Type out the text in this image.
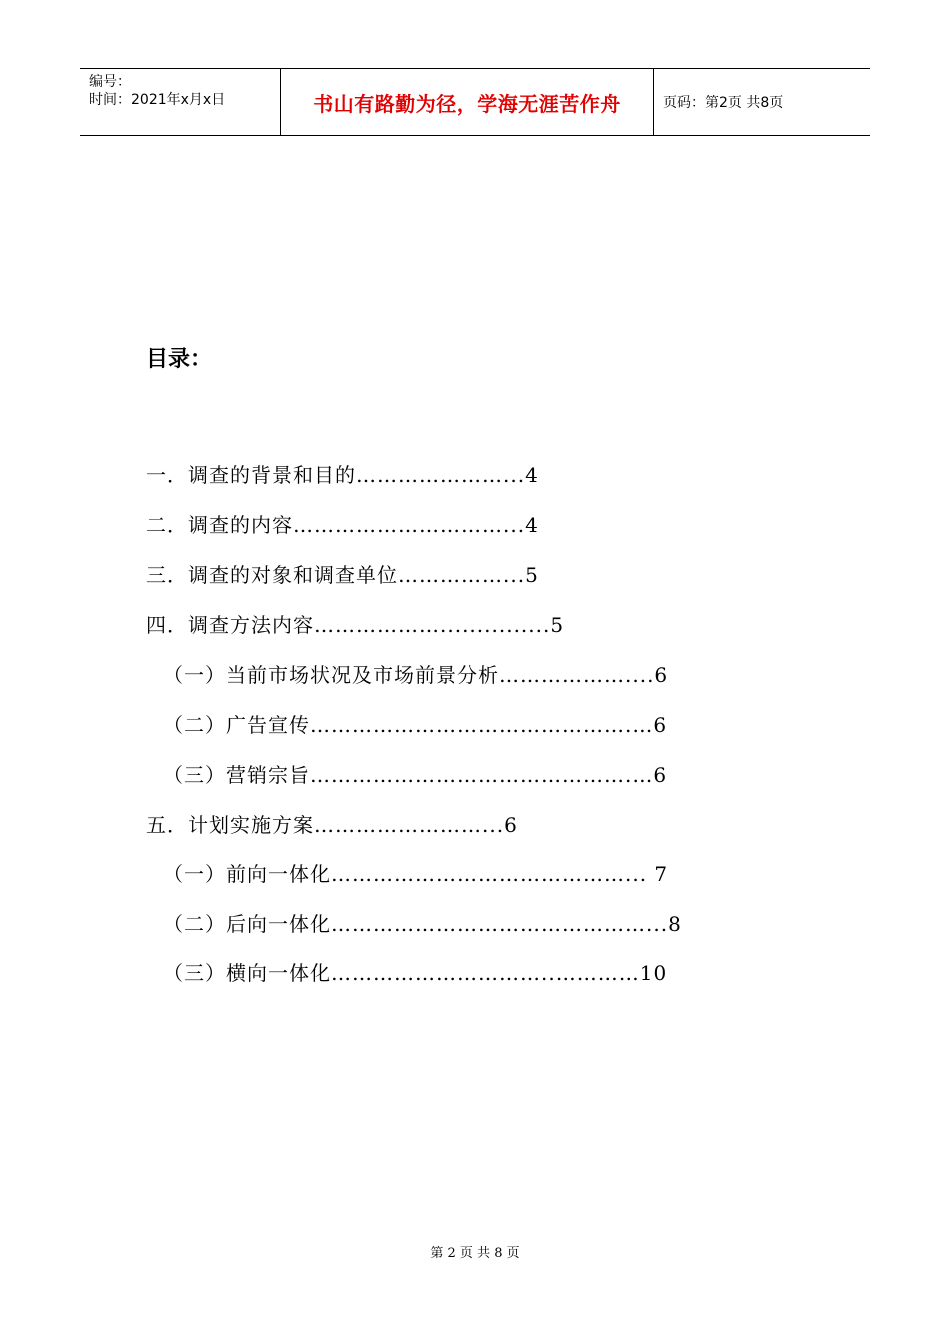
编号：
时间：2021年x月x日	书山有路勤为径，学海无涯苦作舟	页码：第2页 共8页
目录：
一．调查的背景和目的…………………...4
二．调查的内容…………………………...4
三．调查的对象和调查单位……………...5
四．调查方法内容………………...............5
（一）当前市场状况及市场前景分析………………....6
（二）广告宣传……………………………………….…6
（三）营销宗旨……………………………………….…6
五．计划实施方案……………………...6
（一）前向一体化……………………………………... 7
（二）后向一体化………………………………………...8
（三）横向一体化…………………………..…………10
第 2 页 共 8 页
